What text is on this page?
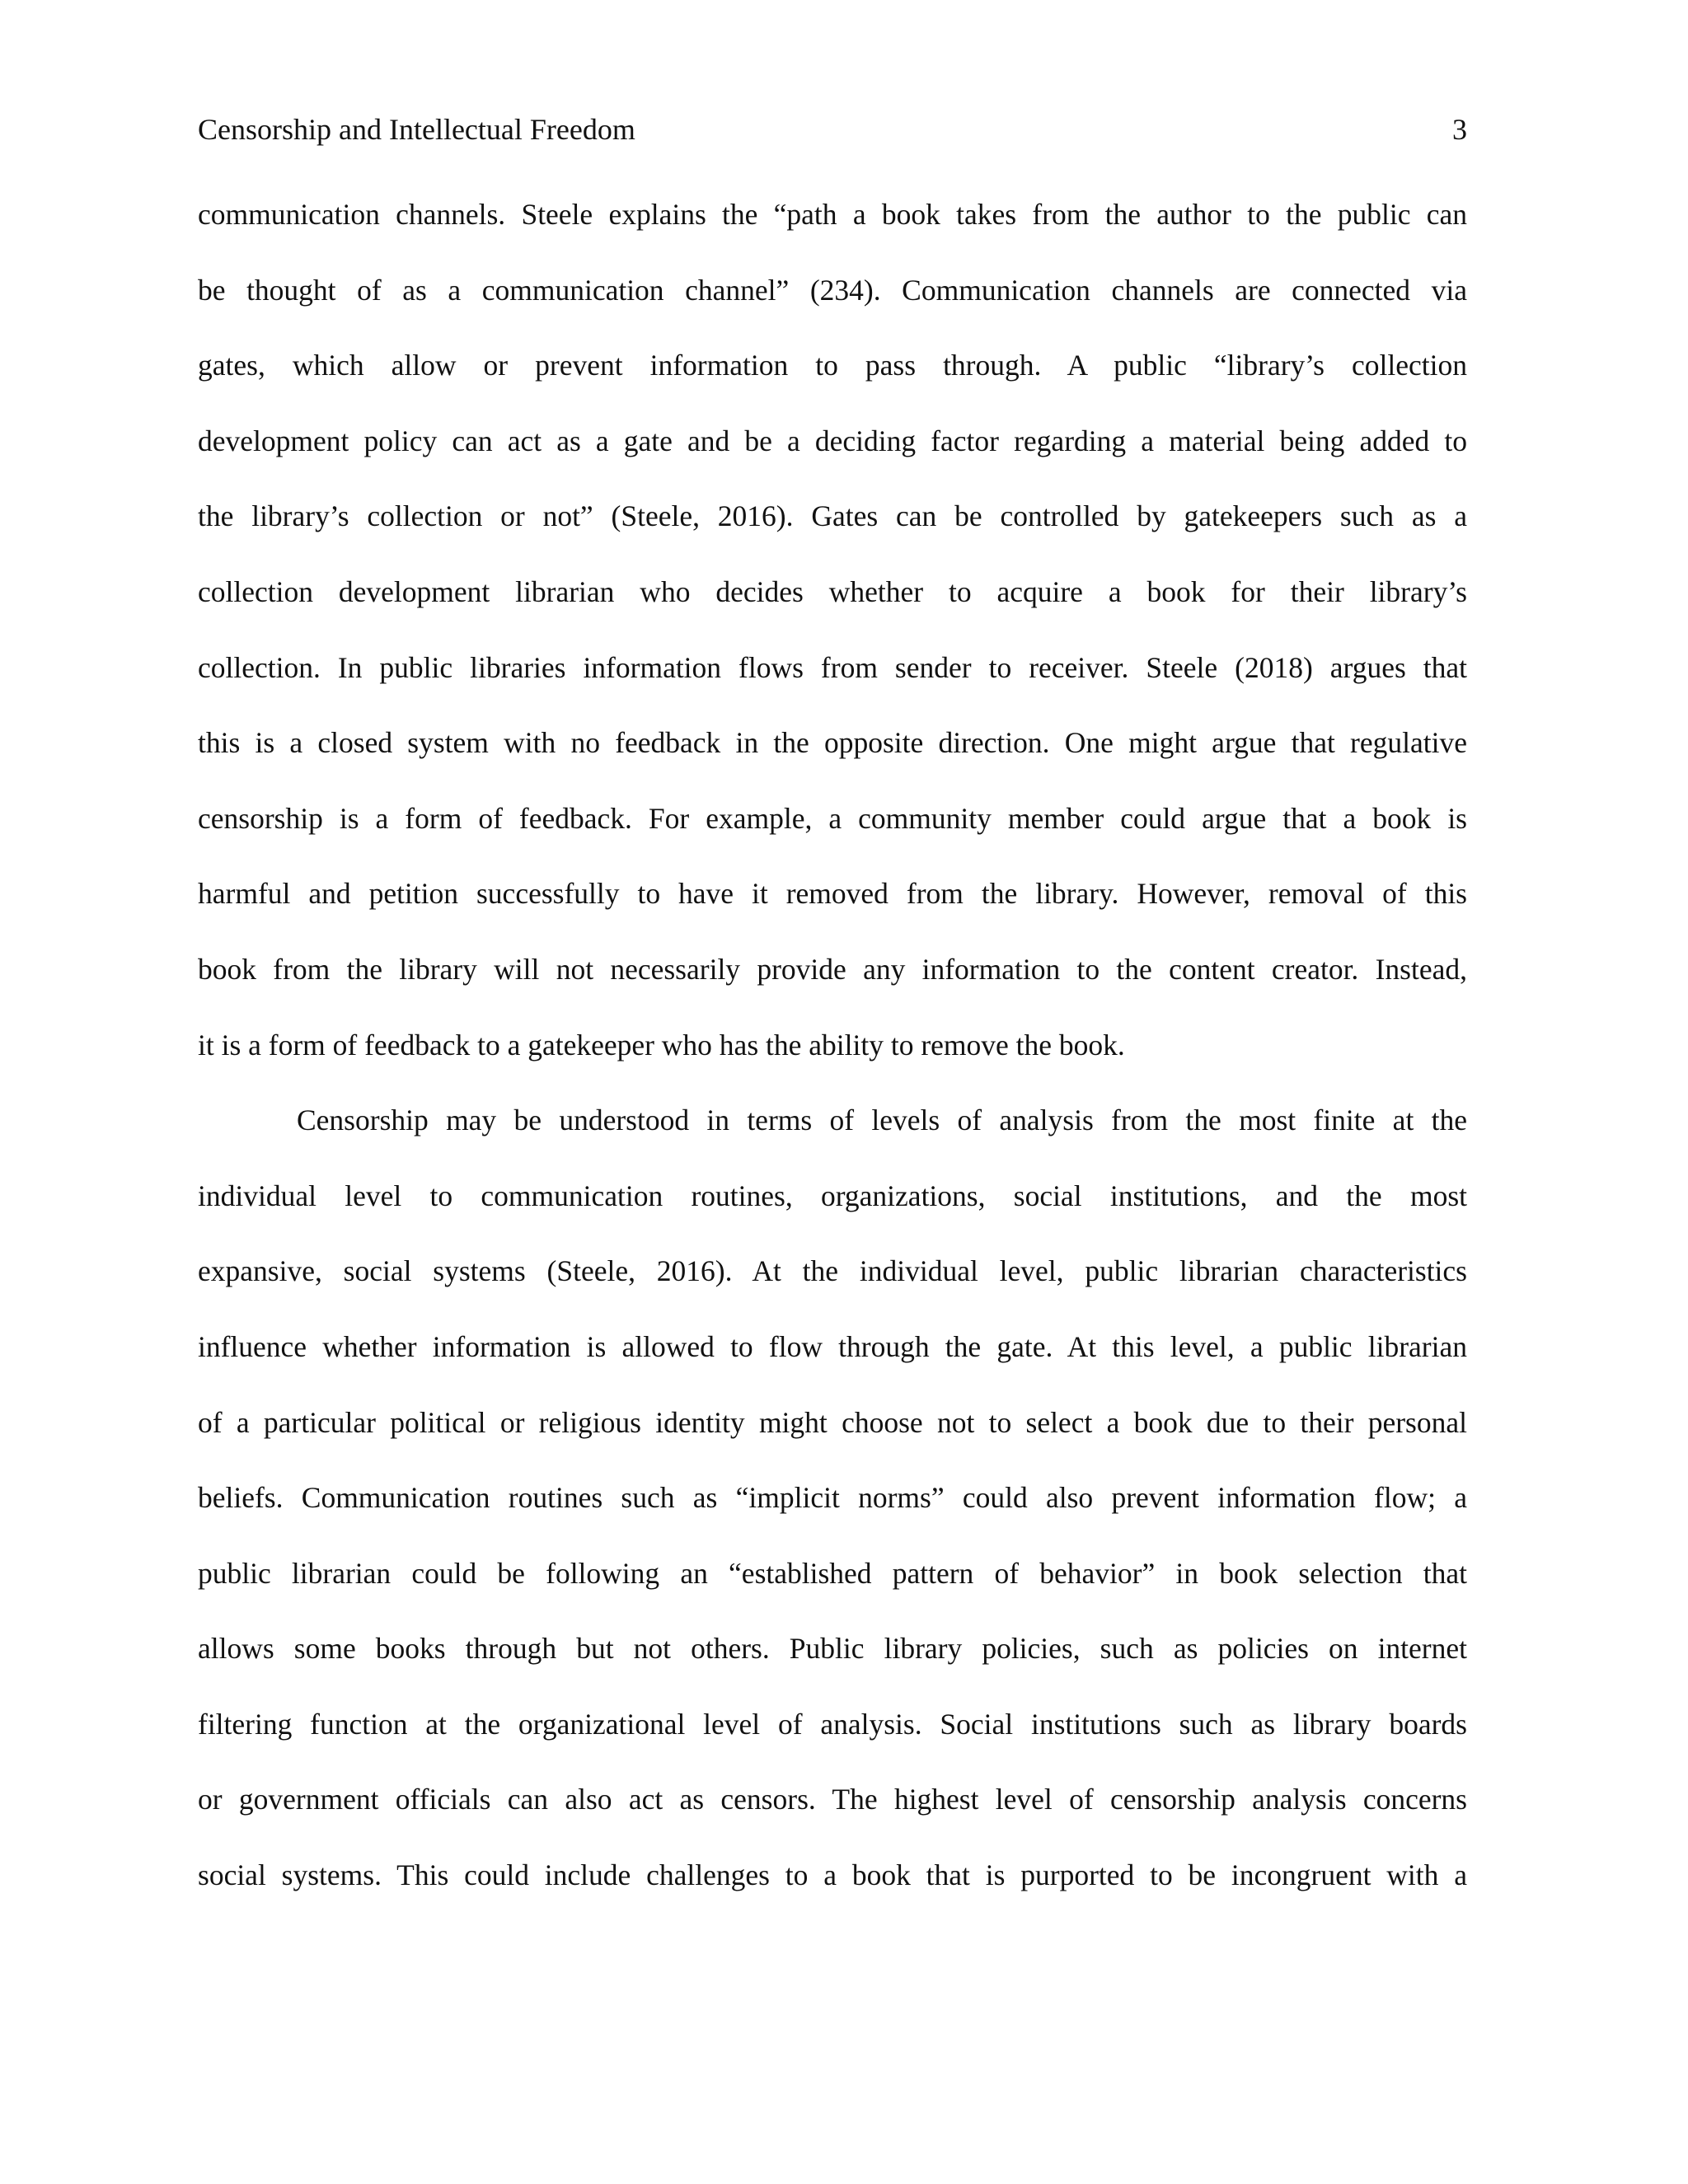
Censorship and Intellectual Freedom	3
communication channels. Steele explains the “path a book takes from the author to the public can
be thought of as a communication channel” (234). Communication channels are connected via
gates, which allow or prevent information to pass through. A public “library’s collection
development policy can act as a gate and be a deciding factor regarding a material being added to
the library’s collection or not” (Steele, 2016). Gates can be controlled by gatekeepers such as a
collection development librarian who decides whether to acquire a book for their library’s
collection. In public libraries information flows from sender to receiver. Steele (2018) argues that
this is a closed system with no feedback in the opposite direction. One might argue that regulative
censorship is a form of feedback. For example, a community member could argue that a book is
harmful and petition successfully to have it removed from the library. However, removal of this
book from the library will not necessarily provide any information to the content creator. Instead,
it is a form of feedback to a gatekeeper who has the ability to remove the book.
Censorship may be understood in terms of levels of analysis from the most finite at the
individual level to communication routines, organizations, social institutions, and the most
expansive, social systems (Steele, 2016). At the individual level, public librarian characteristics
influence whether information is allowed to flow through the gate. At this level, a public librarian
of a particular political or religious identity might choose not to select a book due to their personal
beliefs. Communication routines such as “implicit norms” could also prevent information flow; a
public librarian could be following an “established pattern of behavior” in book selection that
allows some books through but not others. Public library policies, such as policies on internet
filtering function at the organizational level of analysis. Social institutions such as library boards
or government officials can also act as censors. The highest level of censorship analysis concerns
social systems. This could include challenges to a book that is purported to be incongruent with a
